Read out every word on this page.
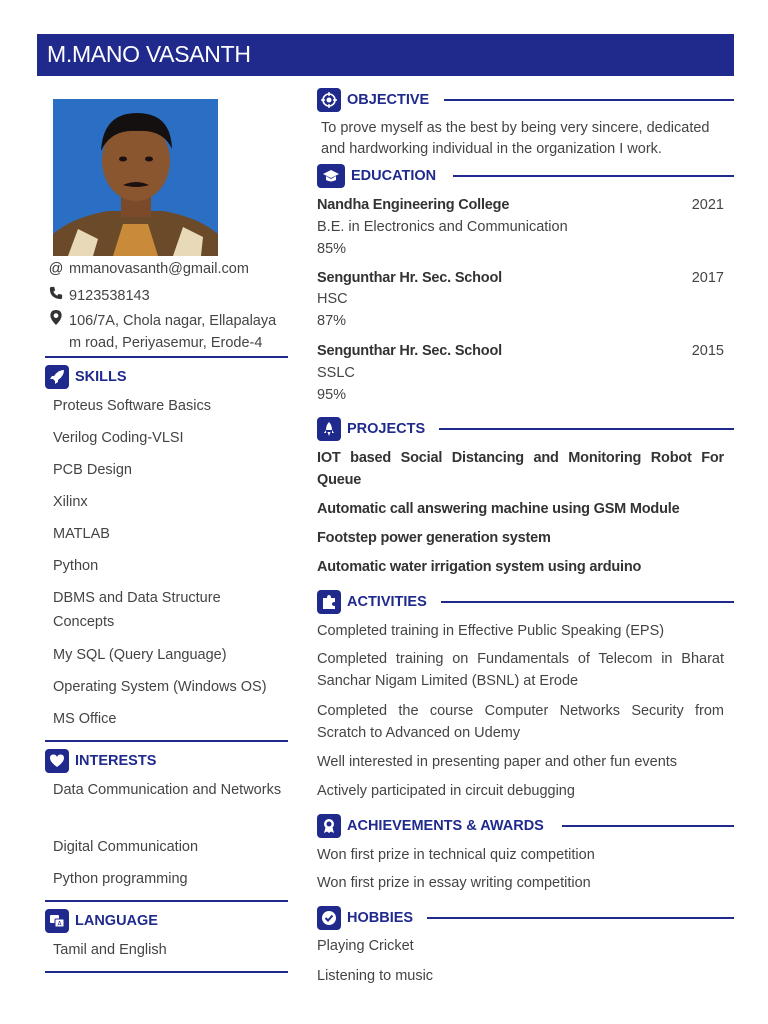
M.MANO VASANTH
@ mmanovasanth@gmail.com
9123538143
106/7A, Chola nagar, Ellapalaya
m road, Periyasemur, Erode-4
SKILLS
Proteus Software Basics
Verilog Coding-VLSI
PCB Design
Xilinx
MATLAB
Python
DBMS and Data Structure Concepts
My SQL (Query Language)
Operating System (Windows OS)
MS Office
INTERESTS
Data Communication and Networks
Digital Communication
Python programming
A LANGUAGE
Tamil and English
OBJECTIVE
To prove myself as the best by being very sincere, dedicated and hardworking individual in the organization I work.
EDUCATION
Nandha Engineering College	2021
B.E. in Electronics and Communication
85%
Sengunthar Hr. Sec. School	2017
HSC
87%
Sengunthar Hr. Sec. School	2015
SSLC
95%
PROJECTS
IOT based Social Distancing and Monitoring Robot For Queue
Automatic call answering machine using GSM Module
Footstep power generation system
Automatic water irrigation system using arduino
ACTIVITIES
Completed training in Effective Public Speaking (EPS)
Completed training on Fundamentals of Telecom in Bharat Sanchar Nigam Limited (BSNL) at Erode
Completed the course Computer Networks Security from Scratch to Advanced on Udemy
Well interested in presenting paper and other fun events
Actively participated in circuit debugging
ACHIEVEMENTS & AWARDS
Won first prize in technical quiz competition
Won first prize in essay writing competition
HOBBIES
Playing Cricket
Listening to music
